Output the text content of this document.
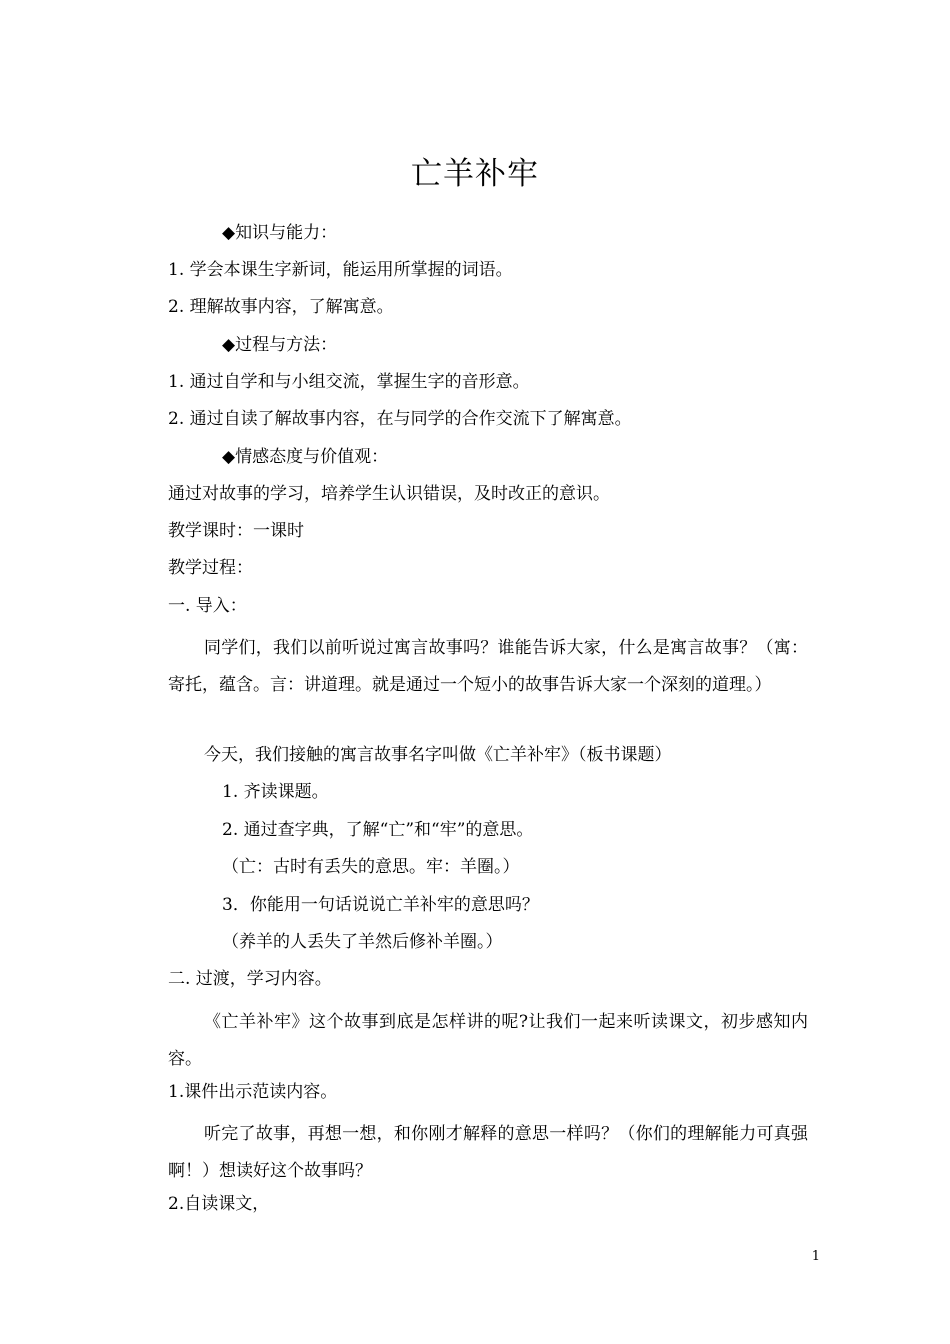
亡羊补牢
◆知识与能力：
1. 学会本课生字新词，能运用所掌握的词语。
2. 理解故事内容，了解寓意。
◆过程与方法：
1. 通过自学和与小组交流，掌握生字的音形意。
2. 通过自读了解故事内容，在与同学的合作交流下了解寓意。
◆情感态度与价值观：
通过对故事的学习，培养学生认识错误，及时改正的意识。
教学课时：一课时
教学过程：
一. 导入：
同学们，我们以前听说过寓言故事吗？谁能告诉大家，什么是寓言故事？（寓：寄托，蕴含。言：讲道理。就是通过一个短小的故事告诉大家一个深刻的道理。）
今天，我们接触的寓言故事名字叫做《亡羊补牢》（板书课题）
1. 齐读课题。
2. 通过查字典，了解“亡”和“牢”的意思。
（亡：古时有丢失的意思。牢：羊圈。）
3．你能用一句话说说亡羊补牢的意思吗？
（养羊的人丢失了羊然后修补羊圈。）
二. 过渡，学习内容。
《亡羊补牢》这个故事到底是怎样讲的呢?让我们一起来听读课文，初步感知内容。
1.课件出示范读内容。
听完了故事，再想一想，和你刚才解释的意思一样吗？（你们的理解能力可真强啊！）想读好这个故事吗？
2.自读课文，
1
